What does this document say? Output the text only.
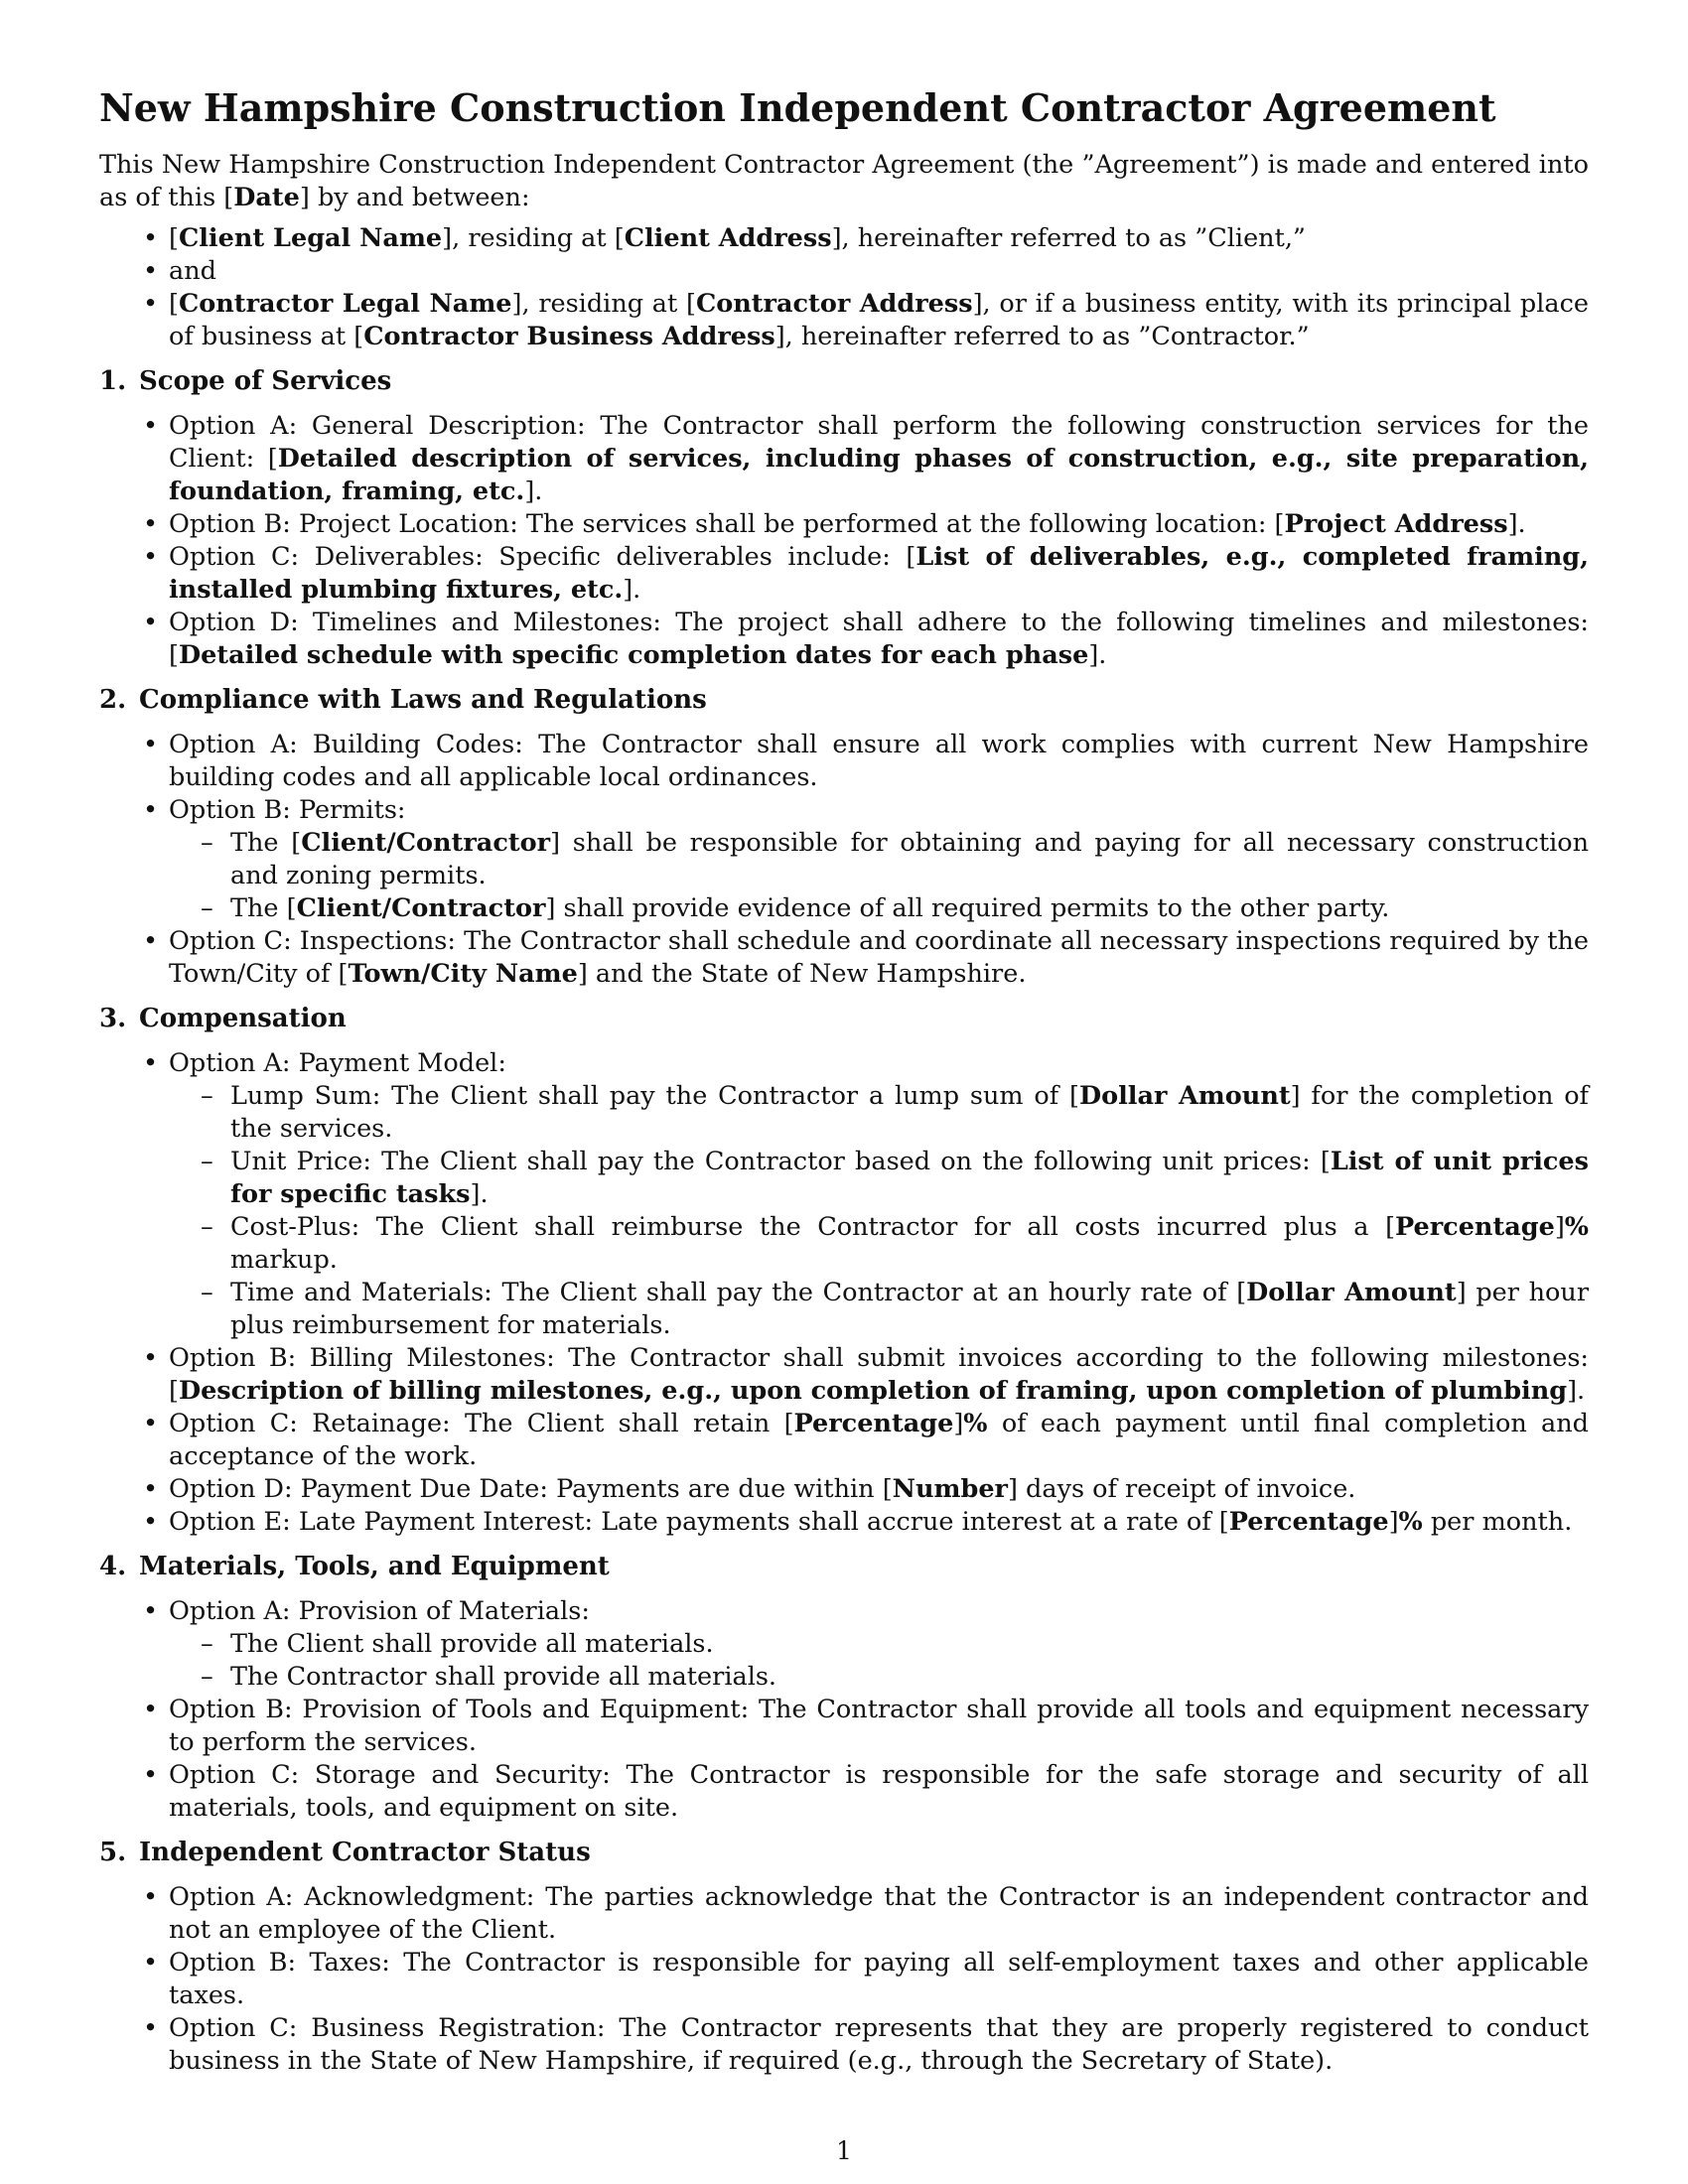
New Hampshire Construction Independent Contractor Agreement

This New Hampshire Construction Independent Contractor Agreement (the ”Agreement”) is made and entered into as of this [Date] by and between:

• [Client Legal Name], residing at [Client Address], hereinafter referred to as ”Client,”
• and
• [Contractor Legal Name], residing at [Contractor Address], or if a business entity, with its principal place of business at [Contractor Business Address], hereinafter referred to as ”Contractor.”
1. Scope of Services
• Option A: General Description: The Contractor shall perform the following construction services for the Client: [Detailed description of services, including phases of construction, e.g., site preparation, foundation, framing, etc.].
• Option B: Project Location: The services shall be performed at the following location: [Project Address].
• Option C: Deliverables: Specific deliverables include: [List of deliverables, e.g., completed framing, installed plumbing fixtures, etc.].
• Option D: Timelines and Milestones: The project shall adhere to the following timelines and milestones: [Detailed schedule with specific completion dates for each phase].
2. Compliance with Laws and Regulations
• Option A: Building Codes: The Contractor shall ensure all work complies with current New Hampshire building codes and all applicable local ordinances.
• Option B: Permits:
– The [Client/Contractor] shall be responsible for obtaining and paying for all necessary construction and zoning permits.
– The [Client/Contractor] shall provide evidence of all required permits to the other party.
• Option C: Inspections: The Contractor shall schedule and coordinate all necessary inspections required by the Town/City of [Town/City Name] and the State of New Hampshire.
3. Compensation
• Option A: Payment Model:
– Lump Sum: The Client shall pay the Contractor a lump sum of [Dollar Amount] for the completion of the services.
– Unit Price: The Client shall pay the Contractor based on the following unit prices: [List of unit prices for specific tasks].
– Cost-Plus: The Client shall reimburse the Contractor for all costs incurred plus a [Percentage]% markup.
– Time and Materials: The Client shall pay the Contractor at an hourly rate of [Dollar Amount] per hour plus reimbursement for materials.
• Option B: Billing Milestones: The Contractor shall submit invoices according to the following milestones: [Description of billing milestones, e.g., upon completion of framing, upon completion of plumbing].
• Option C: Retainage: The Client shall retain [Percentage]% of each payment until final completion and acceptance of the work.
• Option D: Payment Due Date: Payments are due within [Number] days of receipt of invoice.
• Option E: Late Payment Interest: Late payments shall accrue interest at a rate of [Percentage]% per month.
4. Materials, Tools, and Equipment
• Option A: Provision of Materials:
– The Client shall provide all materials.
– The Contractor shall provide all materials.
• Option B: Provision of Tools and Equipment: The Contractor shall provide all tools and equipment necessary to perform the services.
• Option C: Storage and Security: The Contractor is responsible for the safe storage and security of all materials, tools, and equipment on site.
5. Independent Contractor Status
• Option A: Acknowledgment: The parties acknowledge that the Contractor is an independent contractor and not an employee of the Client.
• Option B: Taxes: The Contractor is responsible for paying all self-employment taxes and other applicable taxes.
• Option C: Business Registration: The Contractor represents that they are properly registered to conduct business in the State of New Hampshire, if required (e.g., through the Secretary of State).
1
